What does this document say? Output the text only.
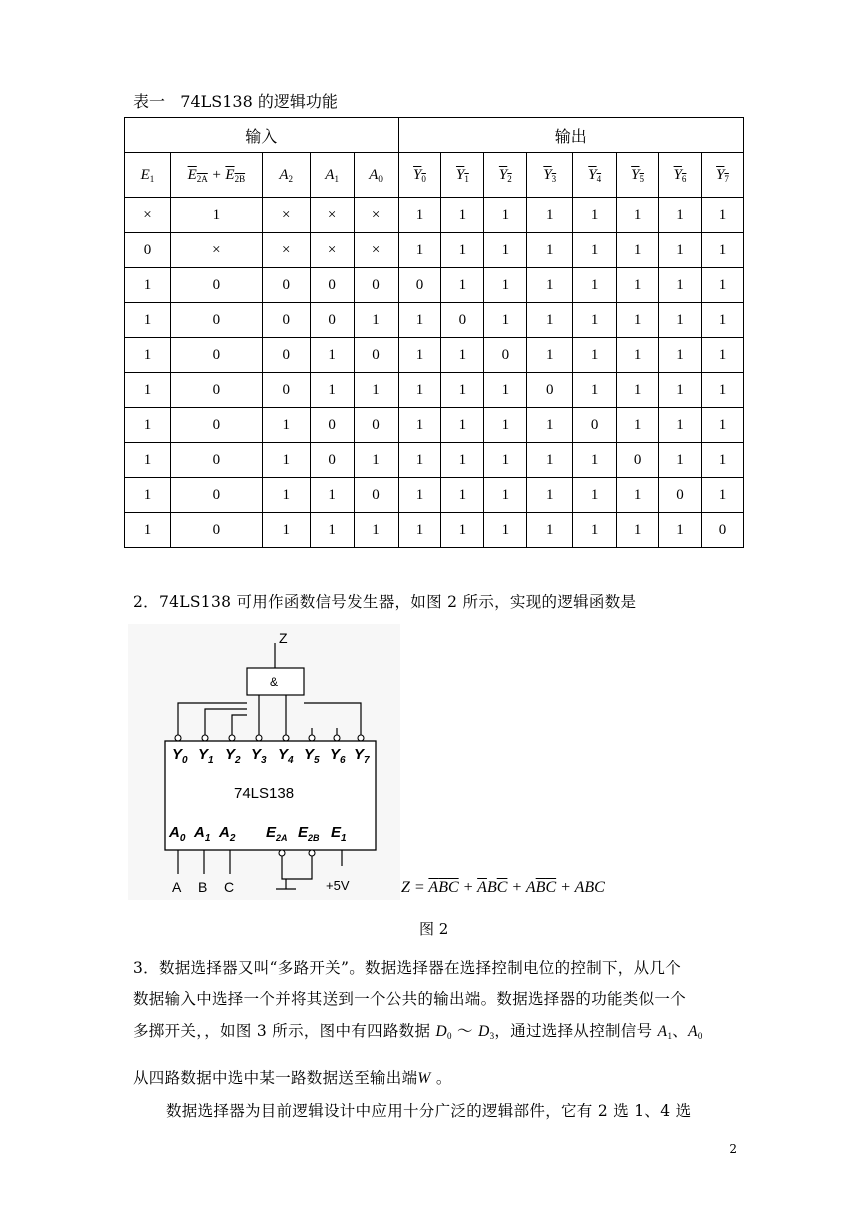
表一   74LS138 的逻辑功能
输入					输出							
$E_1$	$E_{2A} + E_{2B}$	$A_2$	$A_1$	$A_0$	$Y_0$	$Y_1$	$Y_2$	$Y_3$	$Y_4$	$Y_5$	$Y_6$	$Y_7$
×	1	×	×	×	1	1	1	1	1	1	1	1
0	×	×	×	×	1	1	1	1	1	1	1	1
1	0	0	0	0	0	1	1	1	1	1	1	1
1	0	0	0	1	1	0	1	1	1	1	1	1
1	0	0	1	0	1	1	0	1	1	1	1	1
1	0	0	1	1	1	1	1	0	1	1	1	1
1	0	1	0	0	1	1	1	1	0	1	1	1
1	0	1	0	1	1	1	1	1	1	0	1	1
1	0	1	1	0	1	1	1	1	1	1	0	1
1	0	1	1	1	1	1	1	1	1	1	1	0
2．74LS138 可用作函数信号发生器，如图 2 所示，实现的逻辑函数是
Z
&
$Y_0$ $Y_1$ $Y_2$ $Y_3$ $Y_4$ $Y_5$ $Y_6$ $Y_7$
$A_0$ $A_1$ $A_2$ $E_{2A}$ $E_{2B}$ $E_1$
74LS138
A B C	+5V	$Z = \overline{A}\overline{B}\overline{C} + \overline{A}B\overline{C} + A\overline{B}\overline{C}$ + ABC
图 2
3．数据选择器又叫“多路开关”。数据选择器在选择控制电位的控制下，从几个
数据输入中选择一个并将其送到一个公共的输出端。数据选择器的功能类似一个
多掷开关，，如图 3 所示，图中有四路数据 $D_0$ ～ $D_3$，通过选择从控制信号 $A_1$、$A_0$
从四路数据中选中某一路数据送至输出端W 。
数据选择器为目前逻辑设计中应用十分广泛的逻辑部件，它有 2 选 1、4 选
2
